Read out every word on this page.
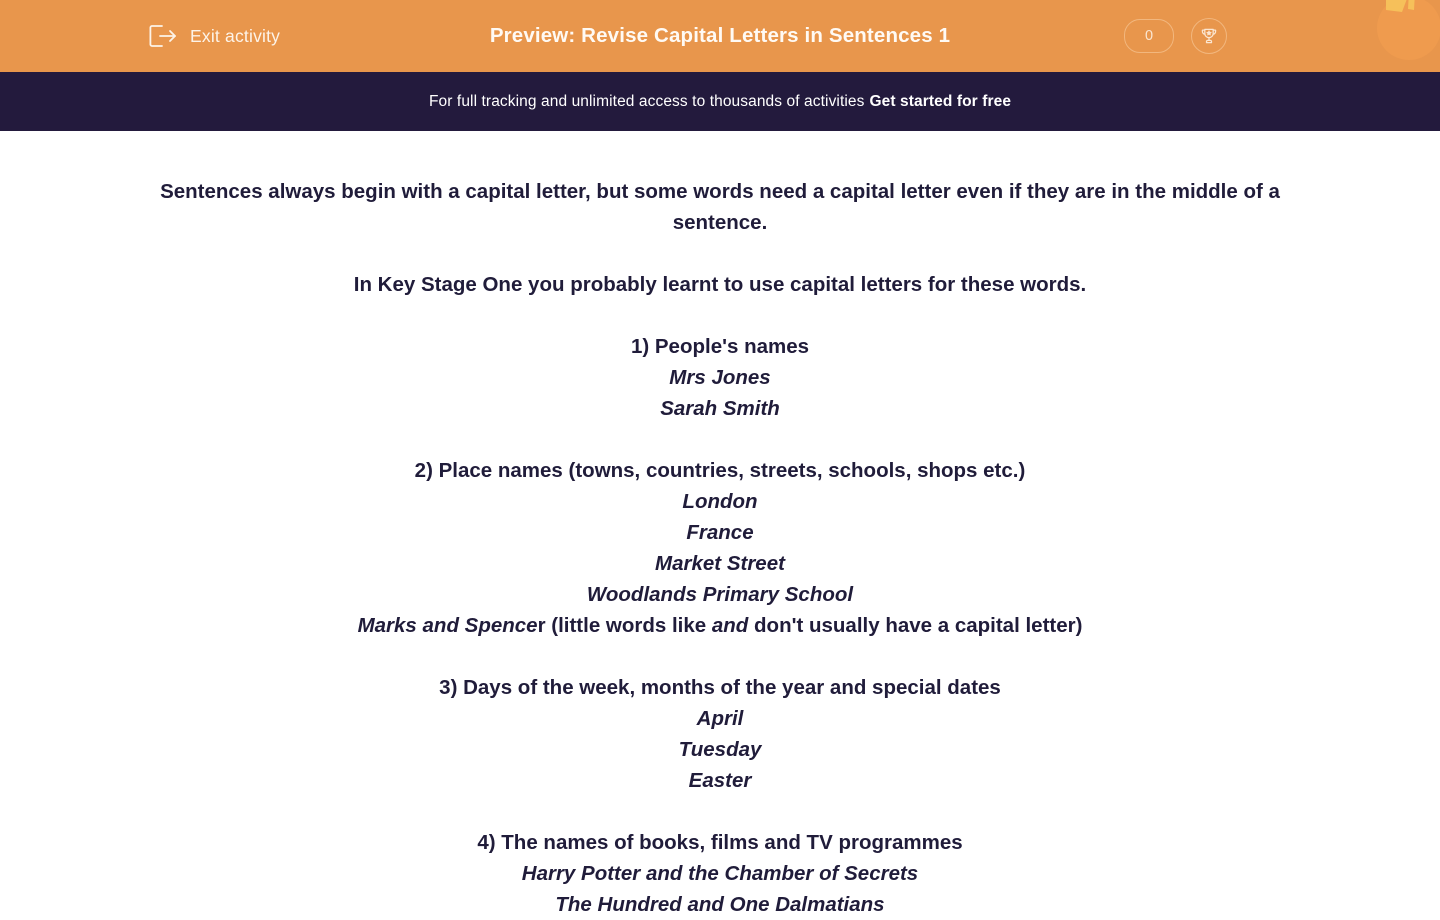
Exit activity	Preview: Revise Capital Letters in Sentences 1	0
For full tracking and unlimited access to thousands of activities Get started for free

Sentences always begin with a capital letter, but some words need a capital letter even if they are in the middle of a sentence.

In Key Stage One you probably learnt to use capital letters for these words.

1) People's names
Mrs Jones
Sarah Smith
2) Place names (towns, countries, streets, schools, shops etc.)
London
France
Market Street
Woodlands Primary School
Marks and Spencer (little words like and don't usually have a capital letter)
3) Days of the week, months of the year and special dates
April
Tuesday
Easter
4) The names of books, films and TV programmes
Harry Potter and the Chamber of Secrets
The Hundred and One Dalmatians
